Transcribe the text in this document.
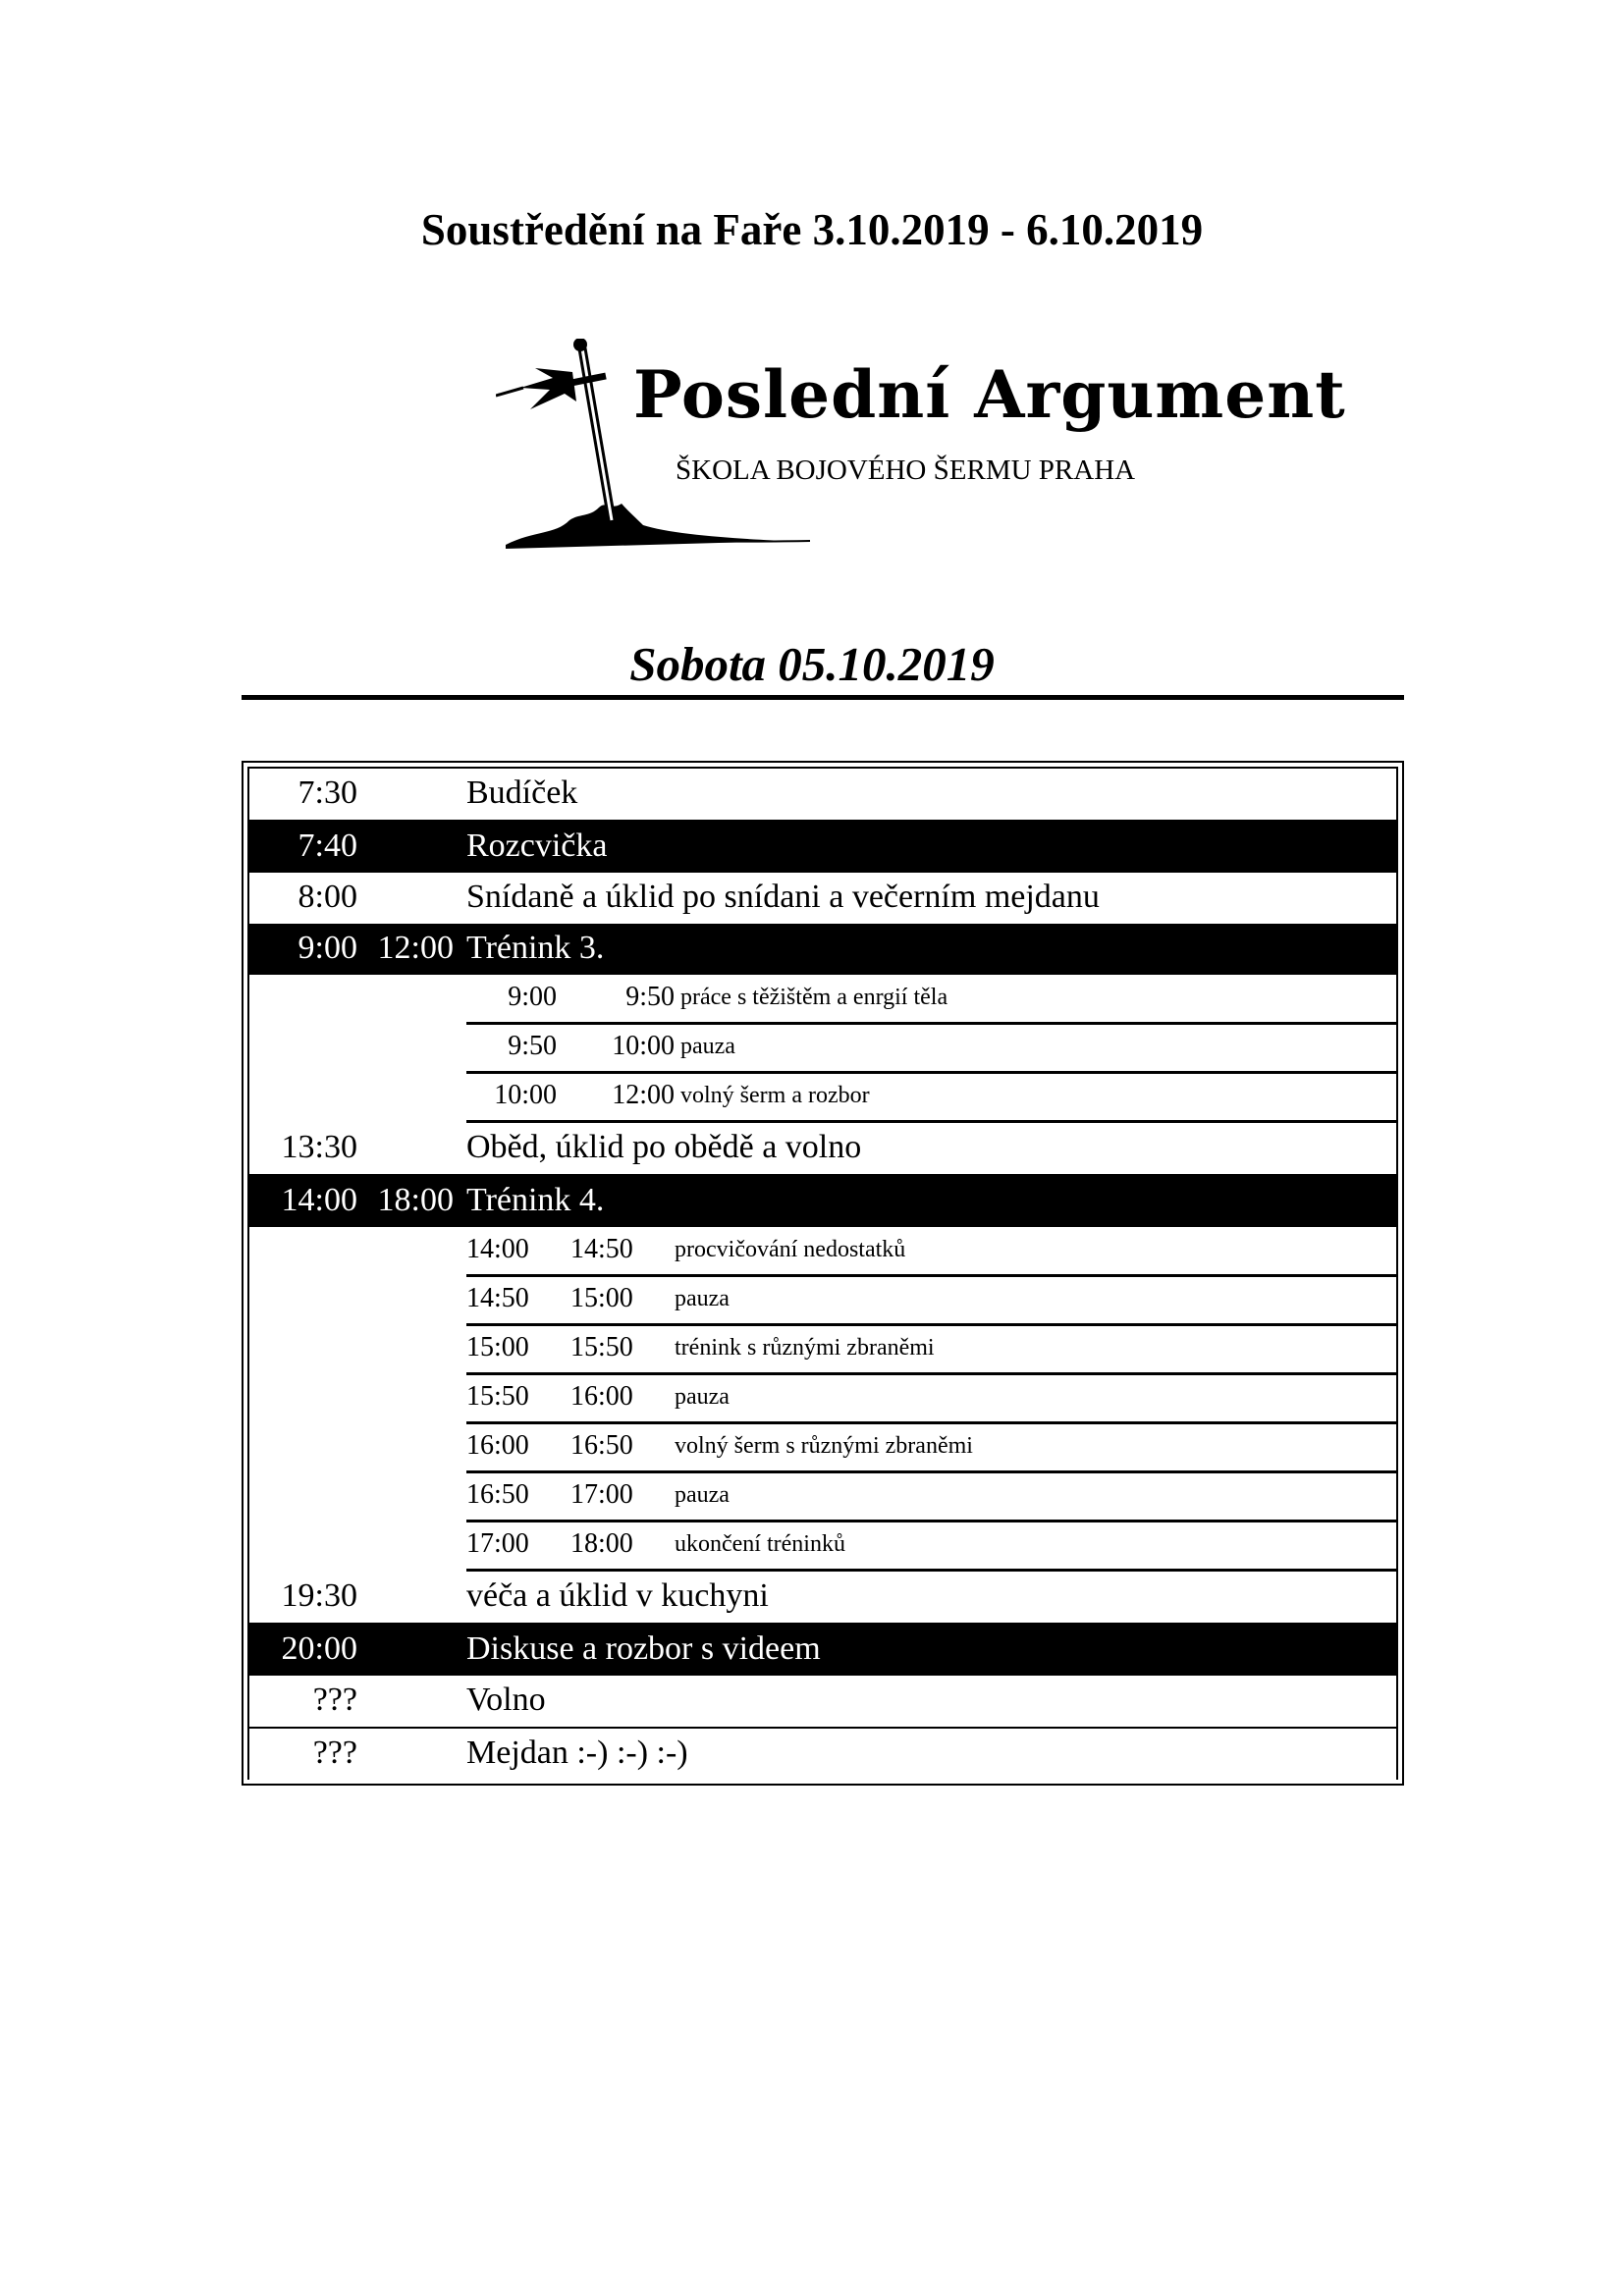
Soustředění na Faře 3.10.2019 - 6.10.2019
Poslední Argument
ŠKOLA BOJOVÉHO ŠERMU PRAHA
Sobota 05.10.2019
7:30	Budíček
7:40	Rozcvička
8:00	Snídaně a úklid po snídani a večerním mejdanu
9:00 12:00 Trénink 3.
9:00	9:50 práce s těžištěm a enrgií těla
9:50	10:00 pauza
10:00	12:00 volný šerm a rozbor
13:30	Oběd, úklid po obědě a volno
14:00 18:00 Trénink 4.
14:00 14:50 procvičování nedostatků
14:50 15:00 pauza
15:00 15:50 trénink s různými zbraněmi
15:50 16:00 pauza
16:00 16:50 volný šerm s různými zbraněmi
16:50 17:00 pauza
17:00 18:00 ukončení tréninků
19:30	véča a úklid v kuchyni
20:00	Diskuse a rozbor s videem
???	Volno
???	Mejdan :-) :-) :-)
